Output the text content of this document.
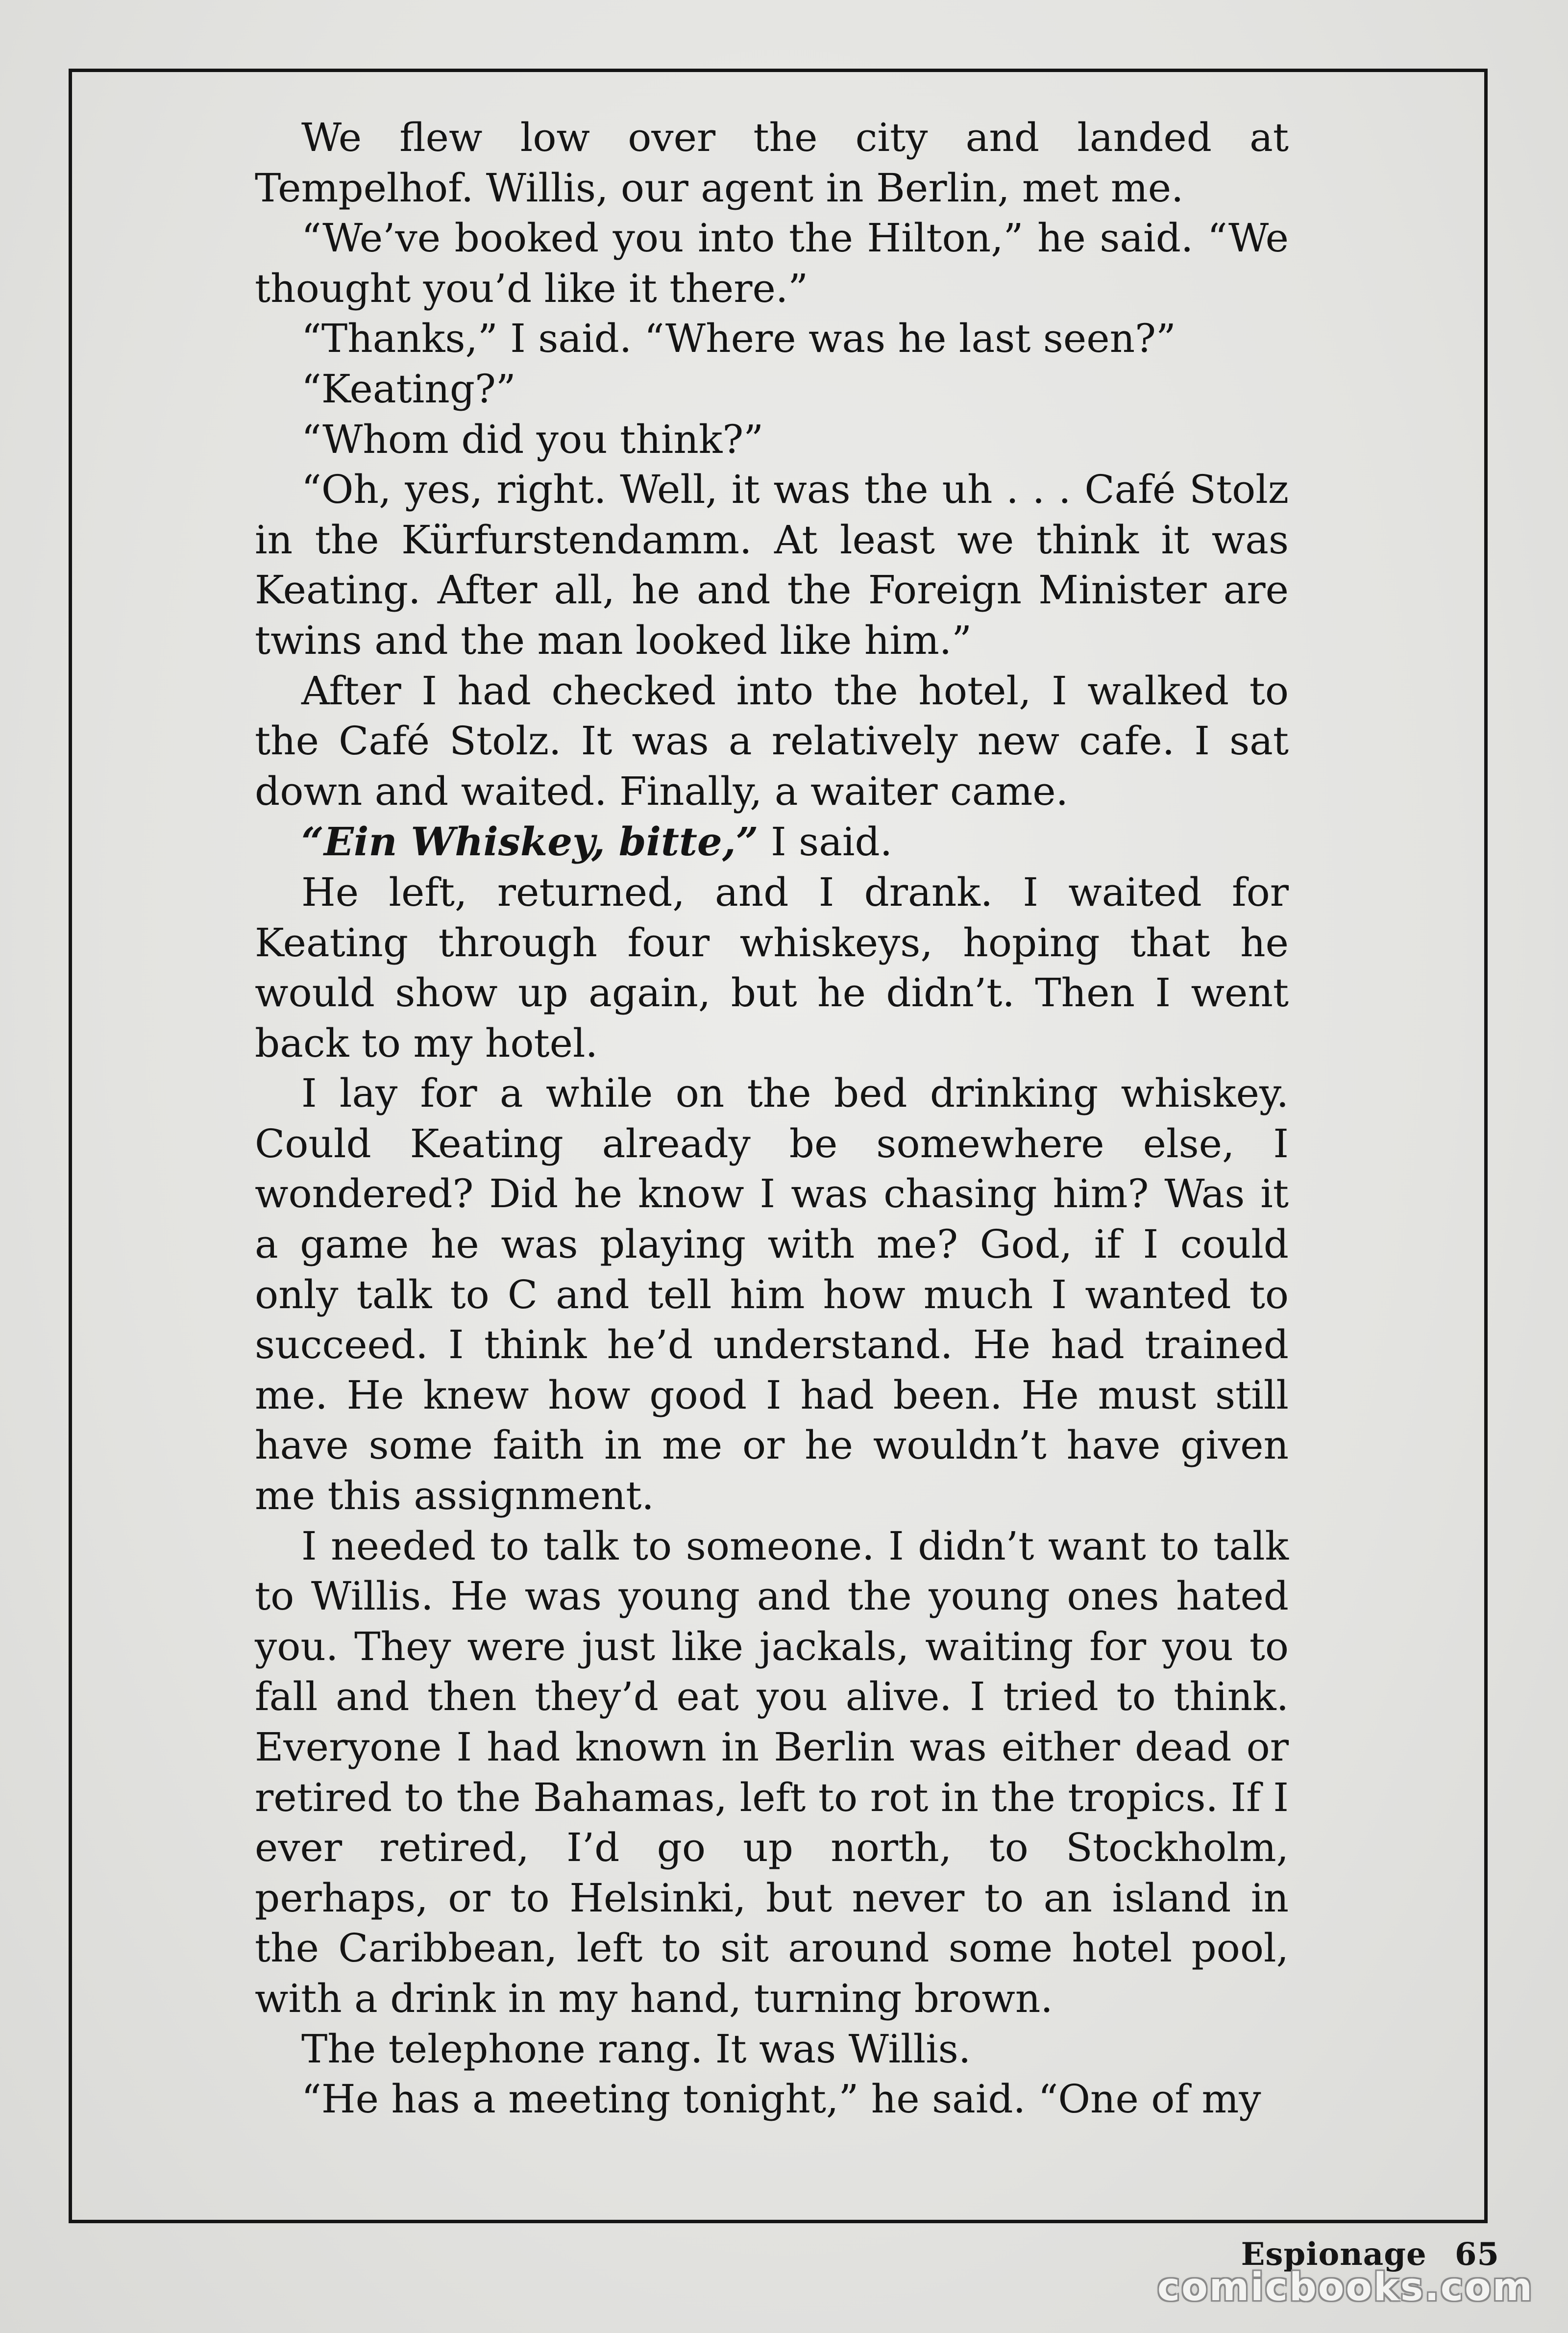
We flew low over the city and landed at Tempelhof. Willis, our agent in Berlin, met me.

“We’ve booked you into the Hilton,” he said. “We thought you’d like it there.”

“Thanks,” I said. “Where was he last seen?”

“Keating?”

“Whom did you think?”

“Oh, yes, right. Well, it was the uh . . . Café Stolz in the Kürfurstendamm. At least we think it was Keating. After all, he and the Foreign Minister are twins and the man looked like him.”

After I had checked into the hotel, I walked to the Café Stolz. It was a relatively new cafe. I sat down and waited. Finally, a waiter came.

“Ein Whiskey, bitte,” I said.

He left, returned, and I drank. I waited for Keating through four whiskeys, hoping that he would show up again, but he didn’t. Then I went back to my hotel.

I lay for a while on the bed drinking whiskey. Could Keating already be somewhere else, I wondered? Did he know I was chasing him? Was it a game he was playing with me? God, if I could only talk to C and tell him how much I wanted to succeed. I think he’d understand. He had trained me. He knew how good I had been. He must still have some faith in me or he wouldn’t have given me this assignment.

I needed to talk to someone. I didn’t want to talk to Willis. He was young and the young ones hated you. They were just like jackals, waiting for you to fall and then they’d eat you alive. I tried to think. Everyone I had known in Berlin was either dead or retired to the Bahamas, left to rot in the tropics. If I ever retired, I’d go up north, to Stockholm, perhaps, or to Helsinki, but never to an island in the Caribbean, left to sit around some hotel pool, with a drink in my hand, turning brown.

The telephone rang. It was Willis.

“He has a meeting tonight,” he said. “One of my

Espionage 65
comicbooks.com
